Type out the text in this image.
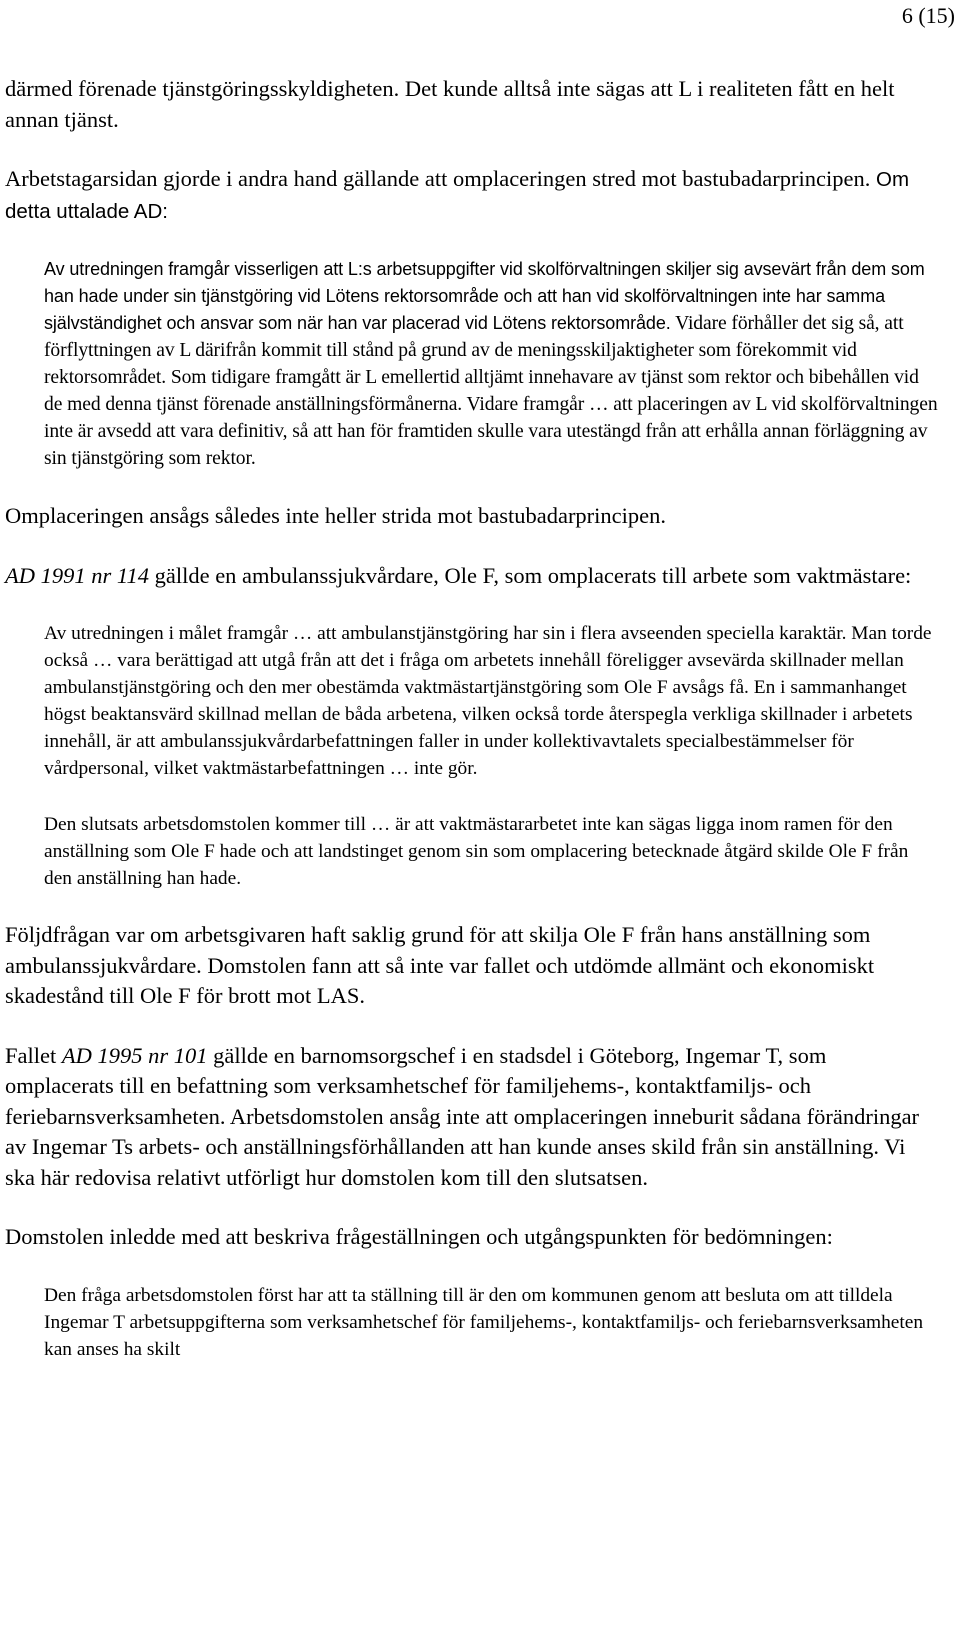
6 (15)

därmed förenade tjänstgöringsskyldigheten. Det kunde alltså inte sägas att L i realiteten fått en helt annan tjänst.

Arbetstagarsidan gjorde i andra hand gällande att omplaceringen stred mot bastubadarprincipen. Om detta uttalade AD:

Av utredningen framgår visserligen att L:s arbetsuppgifter vid skolförvaltningen skiljer sig avsevärt från dem som han hade under sin tjänstgöring vid Lötens rektorsområde och att han vid skolförvaltningen inte har samma självständighet och ansvar som när han var placerad vid Lötens rektorsområde. Vidare förhåller det sig så, att förflyttningen av L därifrån kommit till stånd på grund av de meningsskiljaktigheter som förekommit vid rektorsområdet. Som tidigare framgått är L emellertid alltjämt innehavare av tjänst som rektor och bibehållen vid de med denna tjänst förenade anställningsförmånerna. Vidare framgår … att placeringen av L vid skolförvaltningen inte är avsedd att vara definitiv, så att han för framtiden skulle vara utestängd från att erhålla annan förläggning av sin tjänstgöring som rektor.

Omplaceringen ansågs således inte heller strida mot bastubadarprincipen.

AD 1991 nr 114 gällde en ambulanssjukvårdare, Ole F, som omplacerats till arbete som vaktmästare:

Av utredningen i målet framgår … att ambulanstjänstgöring har sin i flera avseenden speciella karaktär. Man torde också … vara berättigad att utgå från att det i fråga om arbetets innehåll föreligger avsevärda skillnader mellan ambulanstjänstgöring och den mer obestämda vaktmästartjänstgöring som Ole F avsågs få. En i sammanhanget högst beaktansvärd skillnad mellan de båda arbetena, vilken också torde återspegla verkliga skillnader i arbetets innehåll, är att ambulanssjukvårdarbefattningen faller in under kollektivavtalets specialbestämmelser för vårdpersonal, vilket vaktmästarbefattningen … inte gör.
Den slutsats arbetsdomstolen kommer till … är att vaktmästararbetet inte kan sägas ligga inom ramen för den anställning som Ole F hade och att landstinget genom sin som omplacering betecknade åtgärd skilde Ole F från den anställning han hade.

Följdfrågan var om arbetsgivaren haft saklig grund för att skilja Ole F från hans anställning som ambulanssjukvårdare. Domstolen fann att så inte var fallet och utdömde allmänt och ekonomiskt skadestånd till Ole F för brott mot LAS.

Fallet AD 1995 nr 101 gällde en barnomsorgschef i en stadsdel i Göteborg, Ingemar T, som omplacerats till en befattning som verksamhetschef för familjehems-, kontaktfamiljs- och feriebarnsverksamheten. Arbetsdomstolen ansåg inte att omplaceringen inneburit sådana förändringar av Ingemar Ts arbets- och anställningsförhållanden att han kunde anses skild från sin anställning. Vi ska här redovisa relativt utförligt hur domstolen kom till den slutsatsen.

Domstolen inledde med att beskriva frågeställningen och utgångspunkten för bedömningen:

Den fråga arbetsdomstolen först har att ta ställning till är den om kommunen genom att besluta om att tilldela Ingemar T arbetsuppgifterna som verksamhetschef för familjehems-, kontaktfamiljs- och feriebarnsverksamheten kan anses ha skilt
